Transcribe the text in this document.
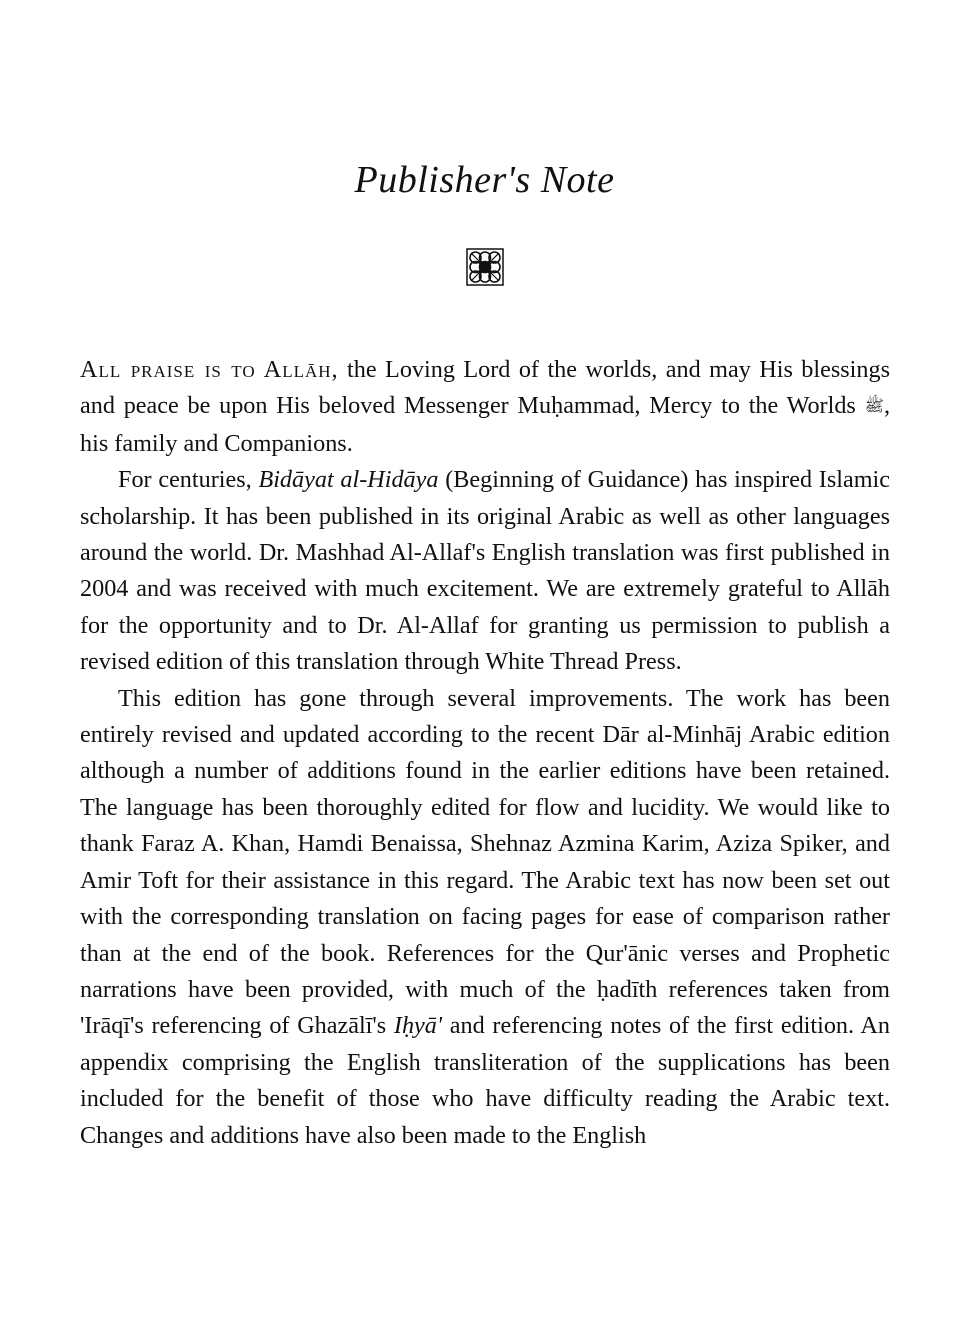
Publisher's Note

All praise is to Allāh, the Loving Lord of the worlds, and may His blessings and peace be upon His beloved Messenger Muḥammad, Mercy to the Worlds ﷺ, his family and Companions.

For centuries, Bidāyat al-Hidāya (Beginning of Guidance) has inspired Islamic scholarship. It has been published in its original Arabic as well as other languages around the world. Dr. Mashhad Al-Allaf's English translation was first published in 2004 and was received with much excitement. We are extremely grateful to Allāh for the opportunity and to Dr. Al-Allaf for granting us permission to publish a revised edition of this translation through White Thread Press.

This edition has gone through several improvements. The work has been entirely revised and updated according to the recent Dār al-Minhāj Arabic edition although a number of additions found in the earlier editions have been retained. The language has been thoroughly edited for flow and lucidity. We would like to thank Faraz A. Khan, Hamdi Benaissa, Shehnaz Azmina Karim, Aziza Spiker, and Amir Toft for their assistance in this regard. The Arabic text has now been set out with the corresponding translation on facing pages for ease of comparison rather than at the end of the book. References for the Qur'ānic verses and Prophetic narrations have been provided, with much of the ḥadīth references taken from 'Irāqī's referencing of Ghazālī's Iḥyā' and referencing notes of the first edition. An appendix comprising the English transliteration of the supplications has been included for the benefit of those who have difficulty reading the Arabic text. Changes and additions have also been made to the English
